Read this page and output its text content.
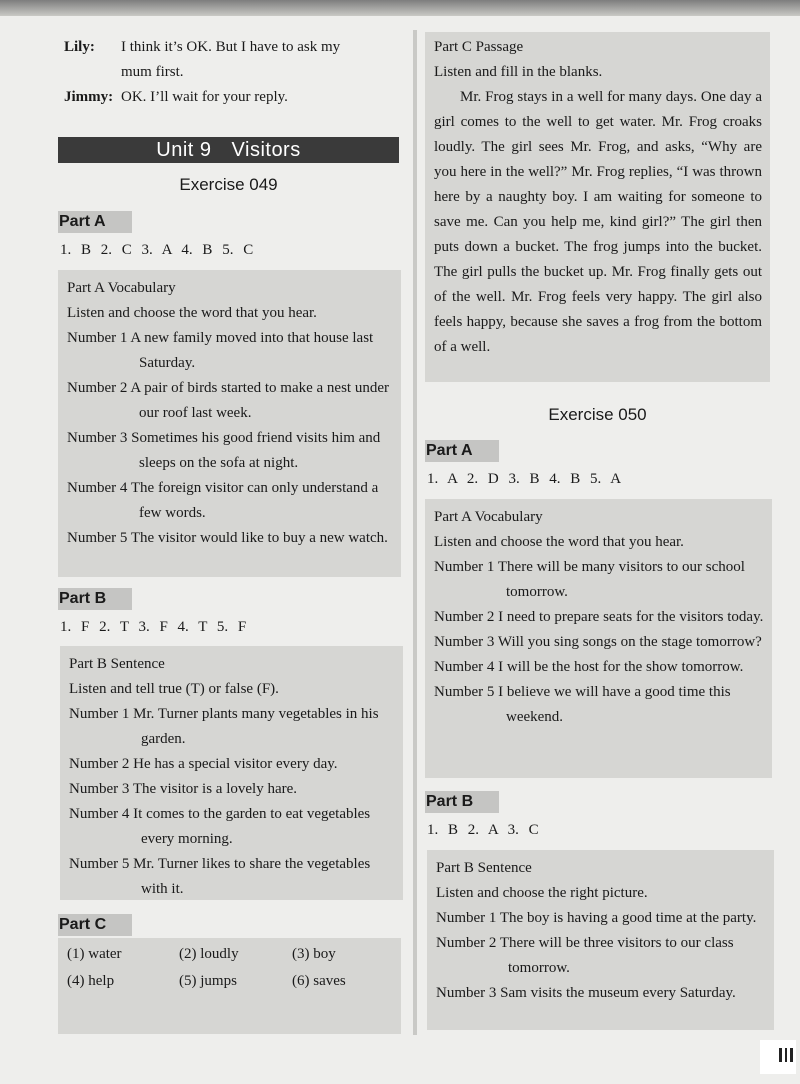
Lily: I think it’s OK. But I have to ask my
mum first.
Jimmy: OK. I’ll wait for your reply.
Unit 9 Visitors
Exercise 049
Part A
1. B 2. C 3. A 4. B 5. C
Part A Vocabulary
Listen and choose the word that you hear.
Number 1 A new family moved into that house last Saturday.
Number 2 A pair of birds started to make a nest under our roof last week.
Number 3 Sometimes his good friend visits him and sleeps on the sofa at night.
Number 4 The foreign visitor can only understand a few words.
Number 5 The visitor would like to buy a new watch.
Part B
1. F 2. T 3. F 4. T 5. F
Part B Sentence
Listen and tell true (T) or false (F).
Number 1 Mr. Turner plants many vegetables in his garden.
Number 2 He has a special visitor every day.
Number 3 The visitor is a lovely hare.
Number 4 It comes to the garden to eat vegetables every morning.
Number 5 Mr. Turner likes to share the vegetables with it.
Part C
(1) water	(2) loudly	(3) boy
(4) help	(5) jumps	(6) saves
Part C Passage
Listen and fill in the blanks.

Mr. Frog stays in a well for many days. One day a girl comes to the well to get water. Mr. Frog croaks loudly. The girl sees Mr. Frog, and asks, “Why are you here in the well?” Mr. Frog replies, “I was thrown here by a naughty boy. I am waiting for someone to save me. Can you help me, kind girl?” The girl then puts down a bucket. The frog jumps into the bucket. The girl pulls the bucket up. Mr. Frog finally gets out of the well. Mr. Frog feels very happy. The girl also feels happy, because she saves a frog from the bottom of a well.

Exercise 050
Part A
1. A 2. D 3. B 4. B 5. A
Part A Vocabulary
Listen and choose the word that you hear.
Number 1 There will be many visitors to our school tomorrow.
Number 2 I need to prepare seats for the visitors today.
Number 3 Will you sing songs on the stage tomorrow?
Number 4 I will be the host for the show tomorrow.
Number 5 I believe we will have a good time this weekend.
Part B
1. B 2. A 3. C
Part B Sentence
Listen and choose the right picture.
Number 1 The boy is having a good time at the party.
Number 2 There will be three visitors to our class tomorrow.
Number 3 Sam visits the museum every Saturday.
